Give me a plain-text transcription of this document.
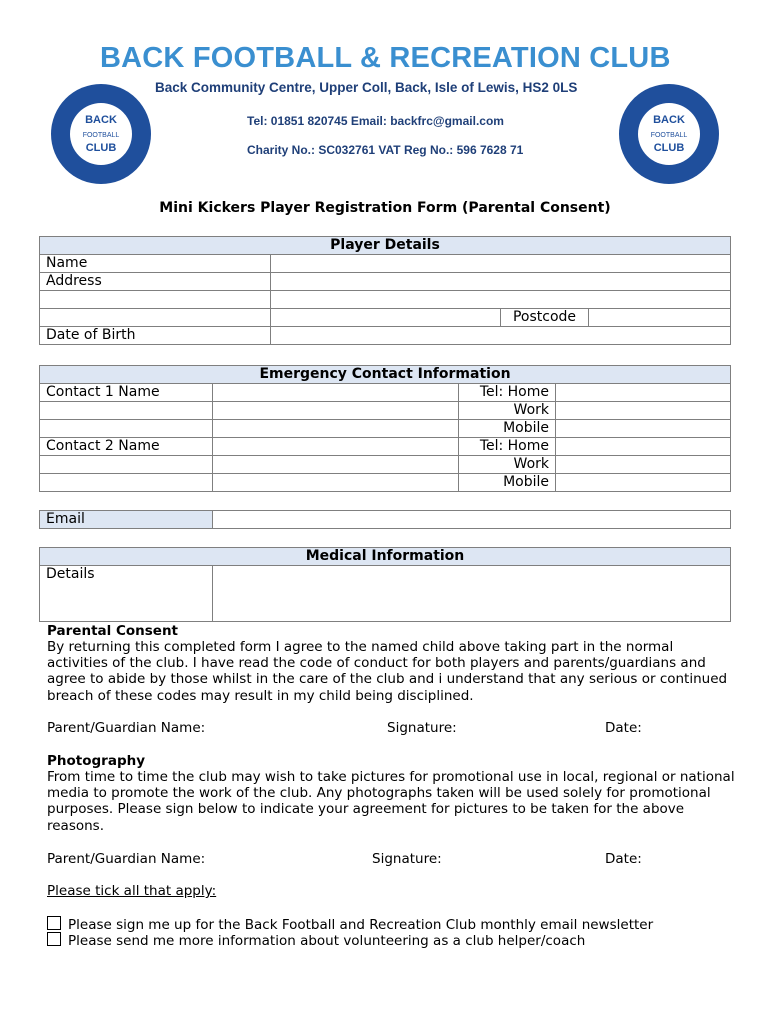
BACK FOOTBALL & RECREATION CLUB
Back Community Centre, Upper Coll, Back, Isle of Lewis, HS2 0LS
Tel: 01851 820745 Email: backfrc@gmail.com
Charity No.: SC032761 VAT Reg No.: 596 7628 71
BACK
FOOTBALL
CLUB
BACK
FOOTBALL
CLUB
Mini Kickers Player Registration Form (Parental Consent)
Player Details			
Name			
Address			

		Postcode	
Date of Birth			
Emergency Contact Information			
Contact 1 Name		Tel: Home	
		Work	
		Mobile	
Contact 2 Name		Tel: Home	
		Work	
		Mobile	
Email	
Medical Information
Details	
Parental Consent
By returning this completed form I agree to the named child above taking part in the normal activities of the club. I have read the code of conduct for both players and parents/guardians and agree to abide by those whilst in the care of the club and i understand that any serious or continued breach of these codes may result in my child being disciplined.
Parent/Guardian Name:	Signature:	Date:
Photography
From time to time the club may wish to take pictures for promotional use in local, regional or national media to promote the work of the club. Any photographs taken will be used solely for promotional purposes. Please sign below to indicate your agreement for pictures to be taken for the above reasons.
Parent/Guardian Name:	Signature:	Date:
Please tick all that apply:
Please sign me up for the Back Football and Recreation Club monthly email newsletter
Please send me more information about volunteering as a club helper/coach
